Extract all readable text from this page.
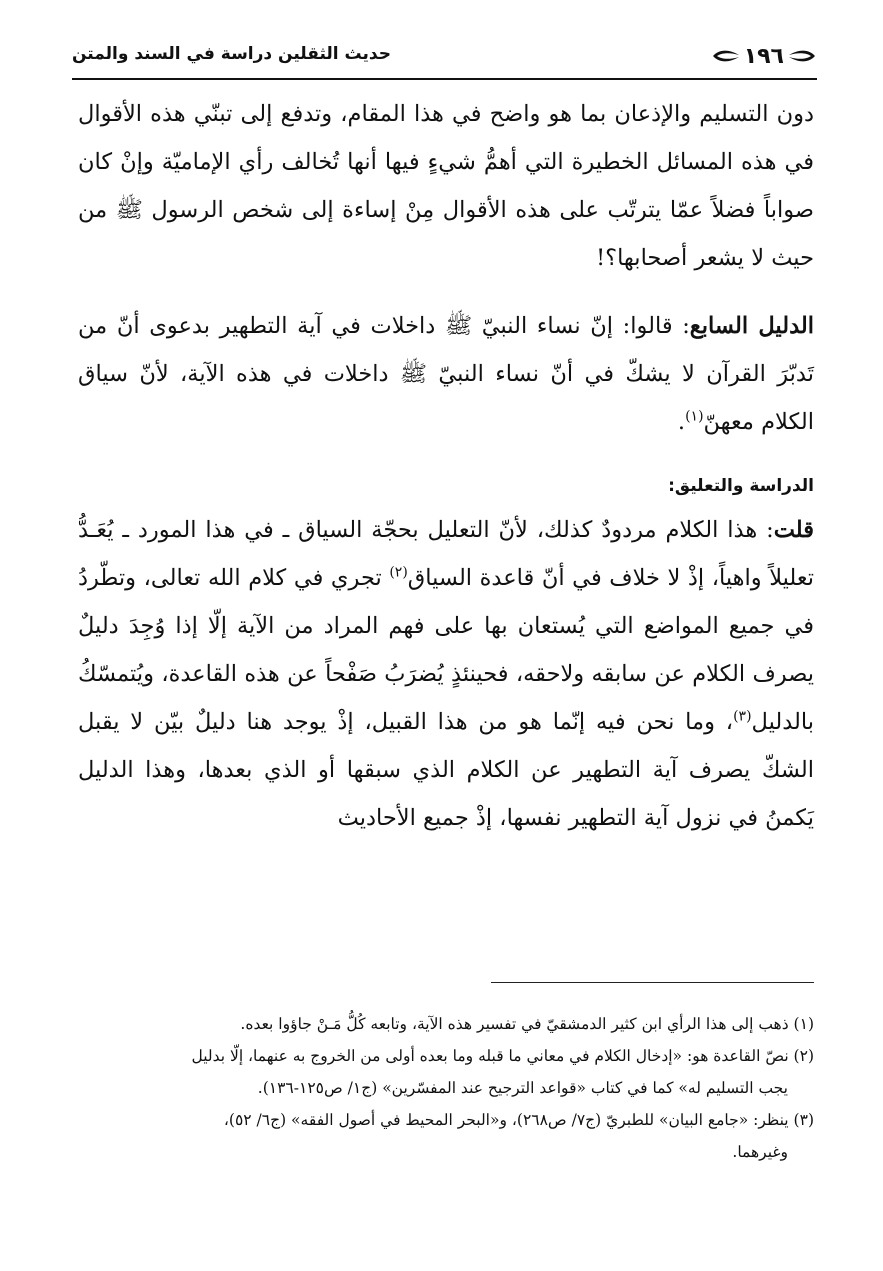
١٩٦
حديث الثقلين دراسة في السند والمتن

دون التسليم والإذعان بما هو واضح في هذا المقام، وتدفع إلى تبنّي هذه الأقوال في هذه المسائل الخطيرة التي أهمُّ شيءٍ فيها أنها تُخالف رأي الإماميّة وإنْ كان صواباً فضلاً عمّا يترتّب على هذه الأقوال مِنْ إساءة إلى شخص الرسول ﷺ من حيث لا يشعر أصحابها؟!

الدليل السابع: قالوا: إنّ نساء النبيّ ﷺ داخلات في آية التطهير بدعوى أنّ من تَدبّرَ القرآن لا يشكّ في أنّ نساء النبيّ ﷺ داخلات في هذه الآية، لأنّ سياق الكلام معهنّ$^{(١)}$.

الدراسة والتعليق:

قلت: هذا الكلام مردودٌ كذلك، لأنّ التعليل بحجّة السياق ـ في هذا المورد ـ يُعَـدُّ تعليلاً واهياً، إذْ لا خلاف في أنّ قاعدة السياق$^{(٢)}$ تجري في كلام الله تعالى، وتطّردُ في جميع المواضع التي يُستعان بها على فهم المراد من الآية إلّا إذا وُجِدَ دليلٌ يصرف الكلام عن سابقه ولاحقه، فحينئذٍ يُضرَبُ صَفْحاً عن هذه القاعدة، ويُتمسّكُ بالدليل$^{(٣)}$، وما نحن فيه إنّما هو من هذا القبيل، إذْ يوجد هنا دليلٌ بيّن لا يقبل الشكّ يصرف آية التطهير عن الكلام الذي سبقها أو الذي بعدها، وهذا الدليل يَكمنُ في نزول آية التطهير نفسها، إذْ جميع الأحاديث

(١) ذهب إلى هذا الرأي ابن كثير الدمشقيّ في تفسير هذه الآية، وتابعه كُلُّ مَـنْ جاؤوا بعده.

(٢) نصّ القاعدة هو: «إدخال الكلام في معاني ما قبله وما بعده أولى من الخروج به عنهما، إلّا بدليل

يجب التسليم له» كما في كتاب «قواعد الترجيح عند المفسّرين» (ج١/ ص١٢٥-١٣٦).

(٣) ينظر: «جامع البيان» للطبريّ (ج٧/ ص٢٦٨)، و«البحر المحيط في أصول الفقه» (ج٦/ ٥٢)،

وغيرهما.
